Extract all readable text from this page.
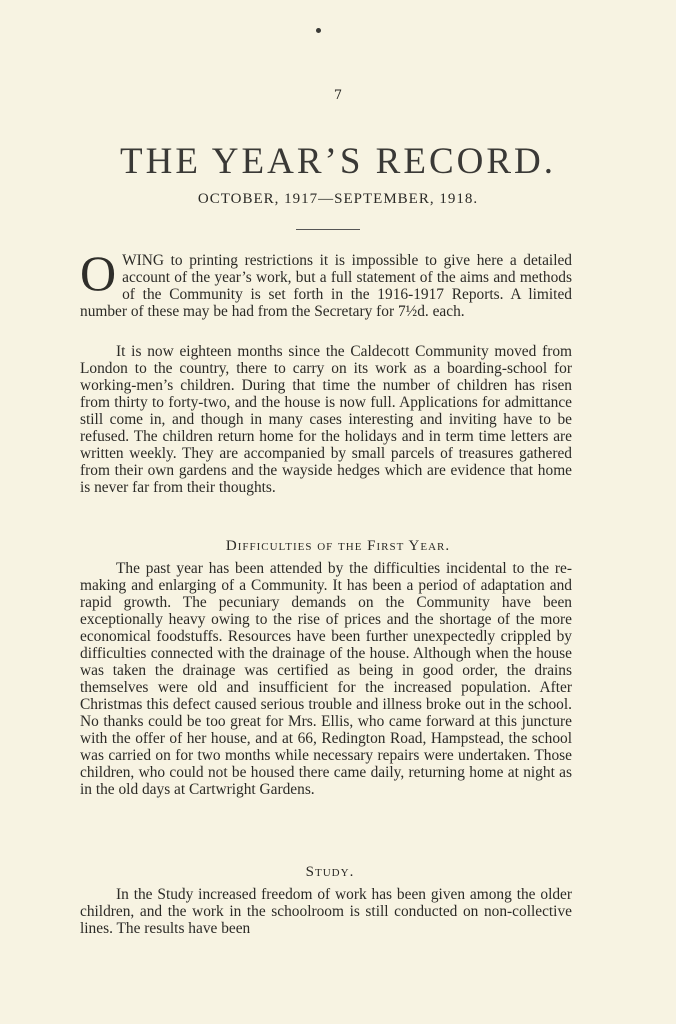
7
THE YEAR’S RECORD.
OCTOBER, 1917—SEPTEMBER, 1918.
OWING to printing restrictions it is impossible to give here a detailed account of the year’s work, but a full statement of the aims and methods of the Community is set forth in the 1916-1917 Reports. A limited number of these may be had from the Secretary for 7½d. each.
It is now eighteen months since the Caldecott Community moved from London to the country, there to carry on its work as a boarding-school for working-men’s children. During that time the number of children has risen from thirty to forty-two, and the house is now full. Applications for admittance still come in, and though in many cases interesting and inviting have to be refused. The children return home for the holidays and in term time letters are written weekly. They are accompanied by small parcels of treasures gathered from their own gardens and the wayside hedges which are evidence that home is never far from their thoughts.
Difficulties of the First Year.
The past year has been attended by the difficulties incidental to the re-making and enlarging of a Community. It has been a period of adaptation and rapid growth. The pecuniary demands on the Community have been exceptionally heavy owing to the rise of prices and the shortage of the more economical foodstuffs. Resources have been further unexpectedly crippled by difficulties connected with the drainage of the house. Although when the house was taken the drainage was certified as being in good order, the drains themselves were old and insufficient for the increased population. After Christmas this defect caused serious trouble and illness broke out in the school. No thanks could be too great for Mrs. Ellis, who came forward at this juncture with the offer of her house, and at 66, Redington Road, Hampstead, the school was carried on for two months while necessary repairs were undertaken. Those children, who could not be housed there came daily, returning home at night as in the old days at Cartwright Gardens.
Study.
In the Study increased freedom of work has been given among the older children, and the work in the schoolroom is still conducted on non-collective lines. The results have been
